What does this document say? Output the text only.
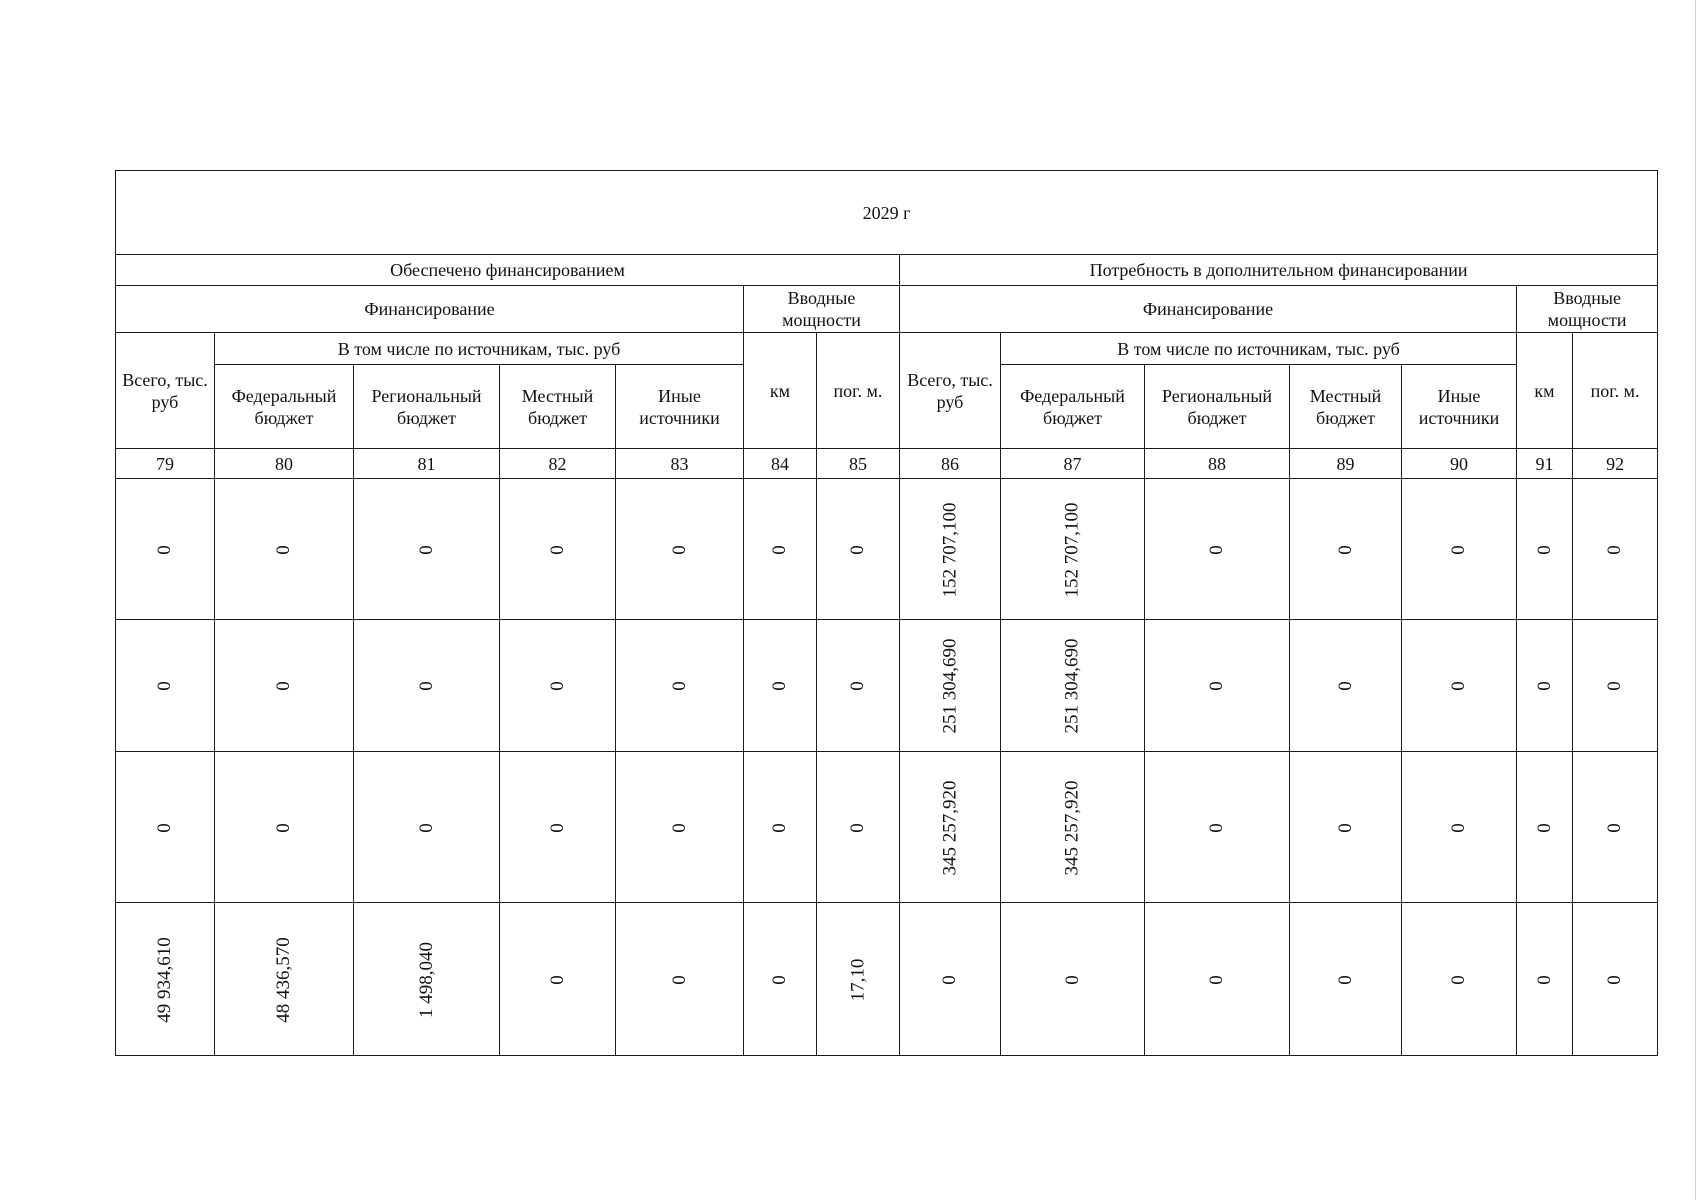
2029 г													
Обеспечено финансированием							Потребность в дополнительном финансировании						
Финансирование					Вводные мощности		Финансирование					Вводные мощности	
Всего, тыс. руб	В том числе по источникам, тыс. руб				км	пог. м.	Всего, тыс. руб	В том числе по источникам, тыс. руб				км	пог. м.
	Федеральный бюджет	Региональный бюджет	Местный бюджет	Иные источники				Федеральный бюджет	Региональный бюджет	Местный бюджет	Иные источники		
79	80	81	82	83	84	85	86	87	88	89	90	91	92
0	0	0	0	0	0	0	152 707,100	152 707,100	0	0	0	0	0
0	0	0	0	0	0	0	251 304,690	251 304,690	0	0	0	0	0
0	0	0	0	0	0	0	345 257,920	345 257,920	0	0	0	0	0
49 934,610	48 436,570	1 498,040	0	0	0	17,10	0	0	0	0	0	0	0
